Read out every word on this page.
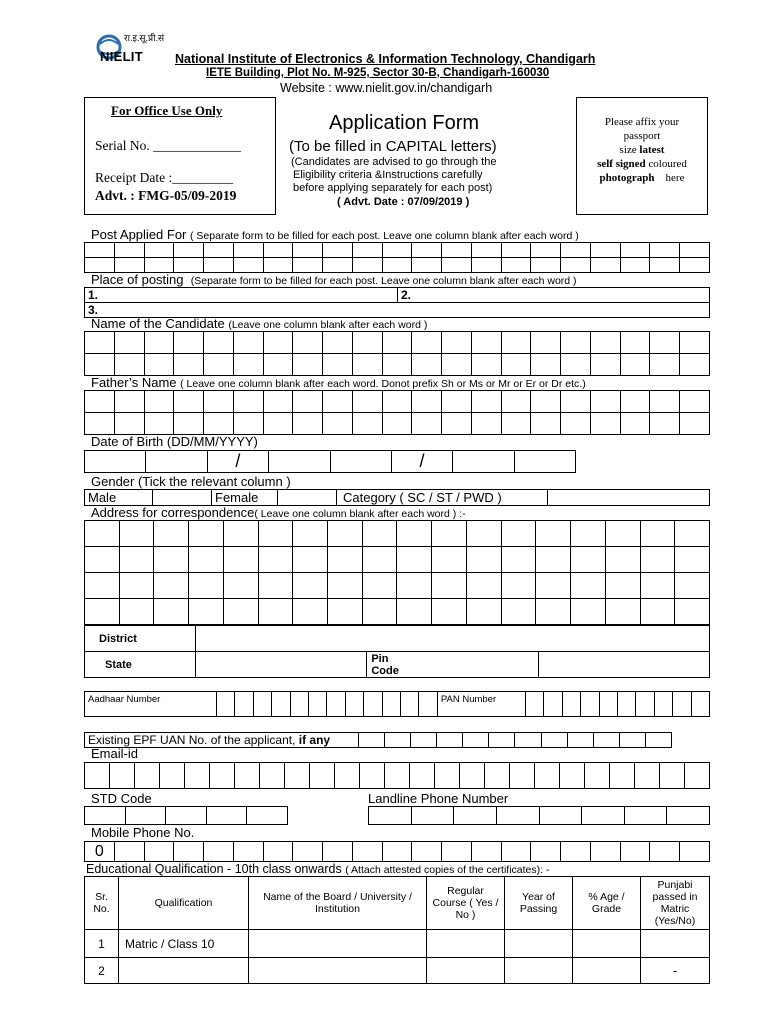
रा.इ.सू.प्री.सं
NIELIT	National Institute of Electronics & Information Technology, Chandigarh
IETE Building, Plot No. M-925, Sector 30-B, Chandigarh-160030
Website : www.nielit.gov.in/chandigarh
For Office Use Only
Serial No. _____________
Receipt Date :_________
Advt. : FMG-05/09-2019
Application Form
(To be filled in CAPITAL letters)
(Candidates are advised to go through the
Eligibility criteria &Instructions carefully
before applying separately for each post)
( Advt. Date : 07/09/2019 )
Please affix your
passport
size latest
self signed coloured
photograph here
Post Applied For ( Separate form to be filled for each post. Leave one column blank after each word )

Place of posting (Separate form to be filled for each post. Leave one column blank after each word )
1.	2.
3.
Name of the Candidate (Leave one column blank after each word )

Father’s Name ( Leave one column blank after each word. Donot prefix Sh or Ms or Mr or Er or Dr etc.)

Date of Birth (DD/MM/YYYY)
		/			/		
Gender (Tick the relevant column )
Male		Female		Category ( SC / ST / PWD )	
Address for correspondence( Leave one column blank after each word ) :-

District			
State		Pin
Code	

Aadhaar Number													PAN Number										
Existing EPF UAN No. of the applicant, if any												
Email-id

STD Code	Landline Phone Number

Mobile Phone No.
0																				
Educational Qualification - 10th class onwards ( Attach attested copies of the certificates): -
Sr. No.	Qualification	Name of the Board / University / Institution	Regular Course ( Yes / No )	Year of Passing	% Age / Grade	Punjabi passed in Matric (Yes/No)
1	Matric / Class 10					
2						-
